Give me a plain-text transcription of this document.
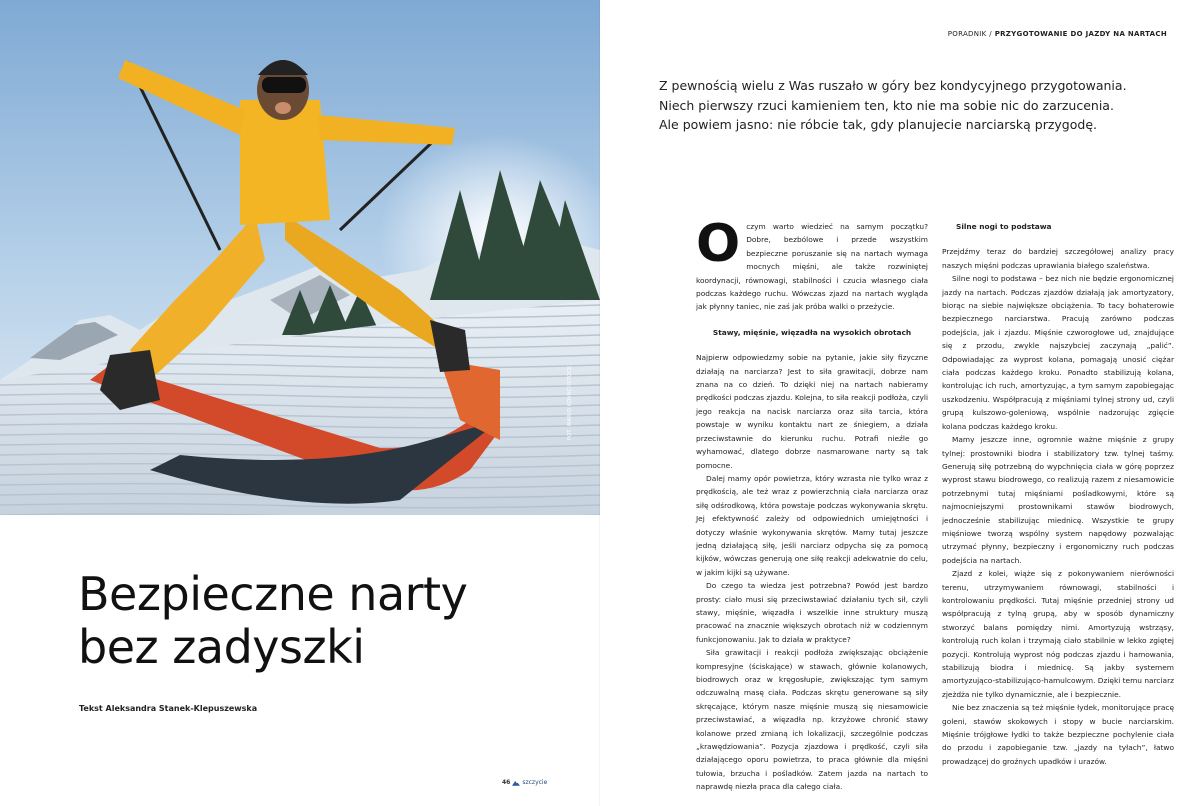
FOT. MARIO KOVAC/ISTOCK
Bezpieczne narty
bez zadyszki
Tekst Aleksandra Stanek-Klepuszewska
46 szczycie
PORADNIK / PRZYGOTOWANIE DO JAZDY NA NARTACH
Z pewnością wielu z Was ruszało w góry bez kondycyjnego przygotowania.
Niech pierwszy rzuci kamieniem ten, kto nie ma sobie nic do zarzucenia.
Ale powiem jasno: nie róbcie tak, gdy planujecie narciarską przygodę.

O czym warto wiedzieć na samym początku? Dobre, bezbólowe i przede wszystkim bezpieczne poruszanie się na nartach wymaga mocnych mięśni, ale także rozwiniętej koordynacji, równowagi, stabilności i czucia własnego ciała podczas każdego ruchu. Wówczas zjazd na nartach wygląda jak płynny taniec, nie zaś jak próba walki o przeżycie.

Stawy, mięśnie, więzadła na wysokich obrotach

Najpierw odpowiedzmy sobie na pytanie, jakie siły fizyczne działają na narciarza? Jest to siła grawitacji, dobrze nam znana na co dzień. To dzięki niej na nartach nabieramy prędkości podczas zjazdu. Kolejna, to siła reakcji podłoża, czyli jego reakcja na nacisk narciarza oraz siła tarcia, która powstaje w wyniku kontaktu nart ze śniegiem, a działa przeciwstawnie do kierunku ruchu. Potrafi nieźle go wyhamować, dlatego dobrze nasmarowane narty są tak pomocne.

Dalej mamy opór powietrza, który wzrasta nie tylko wraz z prędkością, ale też wraz z powierzchnią ciała narciarza oraz siłę odśrodkową, która powstaje podczas wykonywania skrętu. Jej efektywność zależy od odpowiednich umiejętności i dotyczy właśnie wykonywania skrętów. Mamy tutaj jeszcze jedną działającą siłę, jeśli narciarz odpycha się za pomocą kijków, wówczas generują one siłę reakcji adekwatnie do celu, w jakim kijki są używane.

Do czego ta wiedza jest potrzebna? Powód jest bardzo prosty: ciało musi się przeciwstawiać działaniu tych sił, czyli stawy, mięśnie, więzadła i wszelkie inne struktury muszą pracować na znacznie większych obrotach niż w codziennym funkcjonowaniu. Jak to działa w praktyce?

Siła grawitacji i reakcji podłoża zwiększając obciążenie kompresyjne (ściskające) w stawach, głównie kolanowych, biodrowych oraz w kręgosłupie, zwiększając tym samym odczuwalną masę ciała. Podczas skrętu generowane są siły skręcające, którym nasze mięśnie muszą się niesamowicie przeciwstawiać, a więzadła np. krzyżowe chronić stawy kolanowe przed zmianą ich lokalizacji, szczególnie podczas „krawędziowania”. Pozycja zjazdowa i prędkość, czyli siła działającego oporu powietrza, to praca głównie dla mięśni tułowia, brzucha i pośladków. Zatem jazda na nartach to naprawdę niezła praca dla całego ciała.

Silne nogi to podstawa

Przejdźmy teraz do bardziej szczegółowej analizy pracy naszych mięśni podczas uprawiania białego szaleństwa.

Silne nogi to podstawa – bez nich nie będzie ergonomicznej jazdy na nartach. Podczas zjazdów działają jak amortyzatory, biorąc na siebie największe obciążenia. To tacy bohaterowie bezpiecznego narciarstwa. Pracują zarówno podczas podejścia, jak i zjazdu. Mięśnie czworogłowe ud, znajdujące się z przodu, zwykle najszybciej zaczynają „palić”. Odpowiadając za wyprost kolana, pomagają unosić ciężar ciała podczas każdego kroku. Ponadto stabilizują kolana, kontrolując ich ruch, amortyzując, a tym samym zapobiegając uszkodzeniu. Współpracują z mięśniami tylnej strony ud, czyli grupą kulszowo-goleniową, wspólnie nadzorując zgięcie kolana podczas każdego kroku.

Mamy jeszcze inne, ogromnie ważne mięśnie z grupy tylnej: prostowniki biodra i stabilizatory tzw. tylnej taśmy. Generują siłę potrzebną do wypchnięcia ciała w górę poprzez wyprost stawu biodrowego, co realizują razem z niesamowicie potrzebnymi tutaj mięśniami pośladkowymi, które są najmocniejszymi prostownikami stawów biodrowych, jednocześnie stabilizując miednicę. Wszystkie te grupy mięśniowe tworzą wspólny system napędowy pozwalając utrzymać płynny, bezpieczny i ergonomiczny ruch podczas podejścia na nartach.

Zjazd z kolei, wiąże się z pokonywaniem nierówności terenu, utrzymywaniem równowagi, stabilności i kontrolowaniu prędkości. Tutaj mięśnie przedniej strony ud współpracują z tylną grupą, aby w sposób dynamiczny stworzyć balans pomiędzy nimi. Amortyzują wstrząsy, kontrolują ruch kolan i trzymają ciało stabilnie w lekko zgiętej pozycji. Kontrolują wyprost nóg podczas zjazdu i hamowania, stabilizują biodra i miednicę. Są jakby systemem amortyzująco-stabilizująco-hamulcowym. Dzięki temu narciarz zjeżdża nie tylko dynamicznie, ale i bezpiecznie.

Nie bez znaczenia są też mięśnie łydek, monitorujące pracę goleni, stawów skokowych i stopy w bucie narciarskim. Mięśnie trójgłowe łydki to także bezpieczne pochylenie ciała do przodu i zapobieganie tzw. „jazdy na tyłach”, łatwo prowadzącej do groźnych upadków i urazów.
